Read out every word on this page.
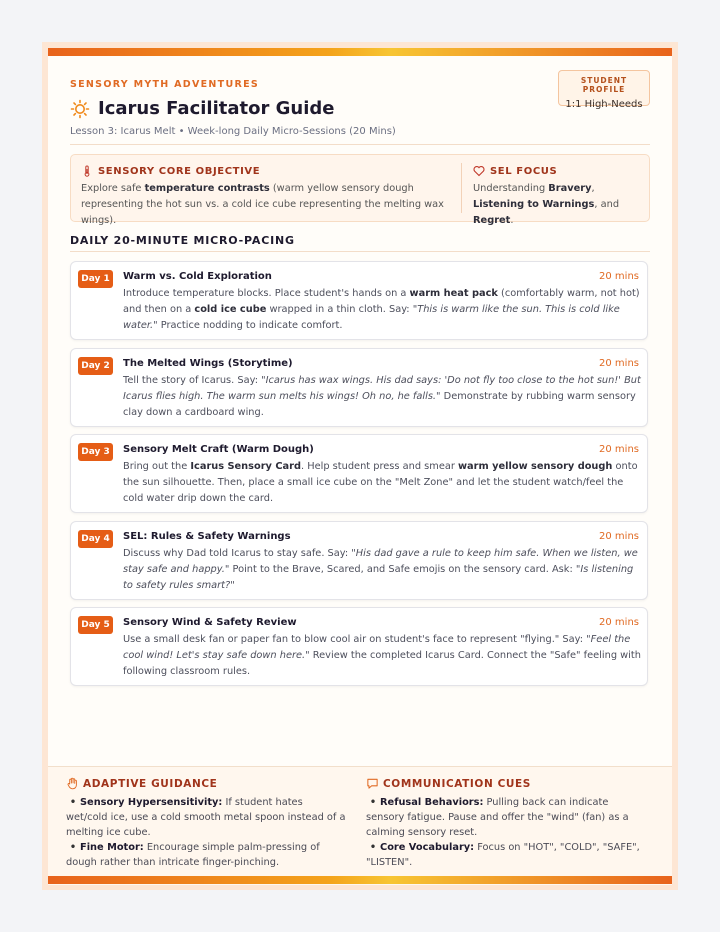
SENSORY MYTH ADVENTURES
Icarus Facilitator Guide
Lesson 3: Icarus Melt • Week-long Daily Micro-Sessions (20 Mins)
STUDENT PROFILE
1:1 High-Needs
SENSORY CORE OBJECTIVE
Explore safe temperature contrasts (warm yellow sensory dough representing the hot sun vs. a cold ice cube representing the melting wax wings).
SEL FOCUS
Understanding Bravery, Listening to Warnings, and Regret.
DAILY 20-MINUTE MICRO-PACING
Day 1	Warm vs. Cold Exploration	20 mins
Introduce temperature blocks. Place student's hands on a warm heat pack (comfortably warm, not hot) and then on a cold ice cube wrapped in a thin cloth. Say: "This is warm like the sun. This is cold like water." Practice nodding to indicate comfort.
Day 2	The Melted Wings (Storytime)	20 mins
Tell the story of Icarus. Say: "Icarus has wax wings. His dad says: 'Do not fly too close to the hot sun!' But Icarus flies high. The warm sun melts his wings! Oh no, he falls." Demonstrate by rubbing warm sensory clay down a cardboard wing.
Day 3	Sensory Melt Craft (Warm Dough)	20 mins
Bring out the Icarus Sensory Card. Help student press and smear warm yellow sensory dough onto the sun silhouette. Then, place a small ice cube on the "Melt Zone" and let the student watch/feel the cold water drip down the card.
Day 4	SEL: Rules & Safety Warnings	20 mins
Discuss why Dad told Icarus to stay safe. Say: "His dad gave a rule to keep him safe. When we listen, we stay safe and happy." Point to the Brave, Scared, and Safe emojis on the sensory card. Ask: "Is listening to safety rules smart?"
Day 5	Sensory Wind & Safety Review	20 mins
Use a small desk fan or paper fan to blow cool air on student's face to represent "flying." Say: "Feel the cool wind! Let's stay safe down here." Review the completed Icarus Card. Connect the "Safe" feeling with following classroom rules.
ADAPTIVE GUIDANCE
• Sensory Hypersensitivity: If student hates wet/cold ice, use a cold smooth metal spoon instead of a melting ice cube.
• Fine Motor: Encourage simple palm-pressing of dough rather than intricate finger-pinching.
COMMUNICATION CUES
• Refusal Behaviors: Pulling back can indicate sensory fatigue. Pause and offer the "wind" (fan) as a calming sensory reset.
• Core Vocabulary: Focus on "HOT", "COLD", "SAFE", "LISTEN".
